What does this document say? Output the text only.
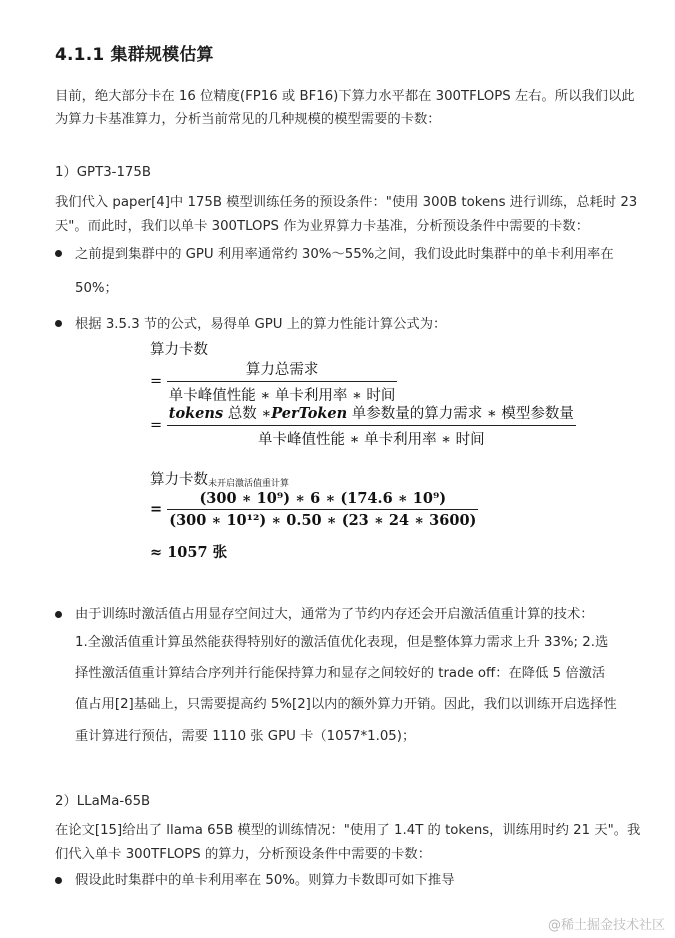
4.1.1 集群规模估算
目前，绝大部分卡在 16 位精度(FP16 或 BF16)下算力水平都在 300TFLOPS 左右。所以我们以此
为算力卡基准算力，分析当前常见的几种规模的模型需要的卡数：
1）GPT3-175B
我们代入 paper[4]中 175B 模型训练任务的预设条件："使用 300B tokens 进行训练，总耗时 23
天"。而此时，我们以单卡 300TLOPS 作为业界算力卡基准，分析预设条件中需要的卡数：
之前提到集群中的 GPU 利用率通常约 30%～55%之间，我们设此时集群中的单卡利用率在
50%；
根据 3.5.3 节的公式，易得单 GPU 上的算力性能计算公式为：
算力卡数
= $\frac{\text{算力总需求}}{\text{单卡峰值性能 ∗ 单卡利用率 ∗ 时间}}$
= $\frac{\text{tokens 总数 ∗PerToken 单参数量的算力需求 ∗ 模型参数量}}{\text{单卡峰值性能 ∗ 单卡利用率 ∗ 时间}}$
算力卡数$_{未开启激活值重计算}$
= $\frac{\text{(300 ∗ 10⁹) ∗ 6 ∗ (174.6 ∗ 10⁹)}}{\text{(300 ∗ 10¹²) ∗ 0.50 ∗ (23 ∗ 24 ∗ 3600)}}$
≈ 1057 张
由于训练时激活值占用显存空间过大，通常为了节约内存还会开启激活值重计算的技术：
1.全激活值重计算虽然能获得特别好的激活值优化表现，但是整体算力需求上升 33%; 2.选
择性激活值重计算结合序列并行能保持算力和显存之间较好的 trade off：在降低 5 倍激活
值占用[2]基础上，只需要提高约 5%[2]以内的额外算力开销。因此，我们以训练开启选择性
重计算进行预估，需要 1110 张 GPU 卡（1057*1.05)；
2）LLaMa-65B
在论文[15]给出了 llama 65B 模型的训练情况："使用了 1.4T 的 tokens，训练用时约 21 天"。我
们代入单卡 300TFLOPS 的算力，分析预设条件中需要的卡数：
假设此时集群中的单卡利用率在 50%。则算力卡数即可如下推导
@稀土掘金技术社区
